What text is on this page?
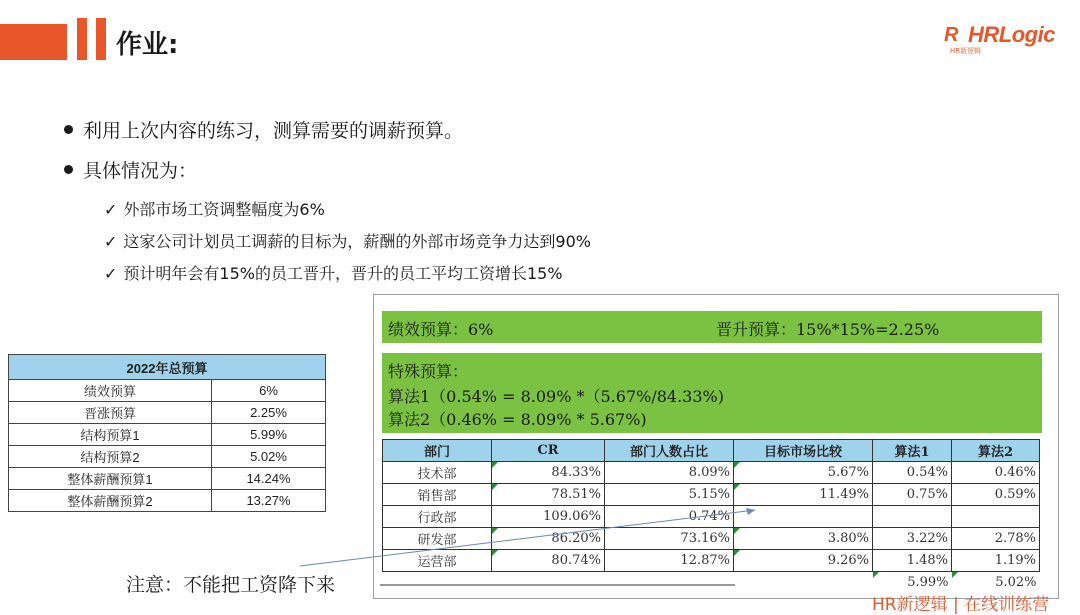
作业:	R HRLogic
HR新逻辑
利用上次内容的练习，测算需要的调薪预算。
具体情况为：
✓ 外部市场工资调整幅度为6%
✓ 这家公司计划员工调薪的目标为，薪酬的外部市场竞争力达到90%
✓ 预计明年会有15%的员工晋升，晋升的员工平均工资增长15%
2022年总预算	
绩效预算	6%
晋涨预算	2.25%
结构预算1	5.99%
结构预算2	5.02%
整体薪酬预算1	14.24%
整体薪酬预算2	13.27%
绩效预算：6%	晋升预算：15%*15%=2.25%
特殊预算：
算法1（0.54% = 8.09% *（5.67%/84.33%)
算法2（0.46% = 8.09% * 5.67%)
部门	CR	部门人数占比	目标市场比较	算法1	算法2
技术部	84.33%	8.09%	5.67%	0.54%	0.46%
销售部	78.51%	5.15%	11.49%	0.75%	0.59%
行政部	109.06%	0.74%			
研发部	86.20%	73.16%	3.80%	3.22%	2.78%
运营部	80.74%	12.87%	9.26%	1.48%	1.19%
				5.99%	5.02%
注意：不能把工资降下来
HR新逻辑 | 在线训练营
